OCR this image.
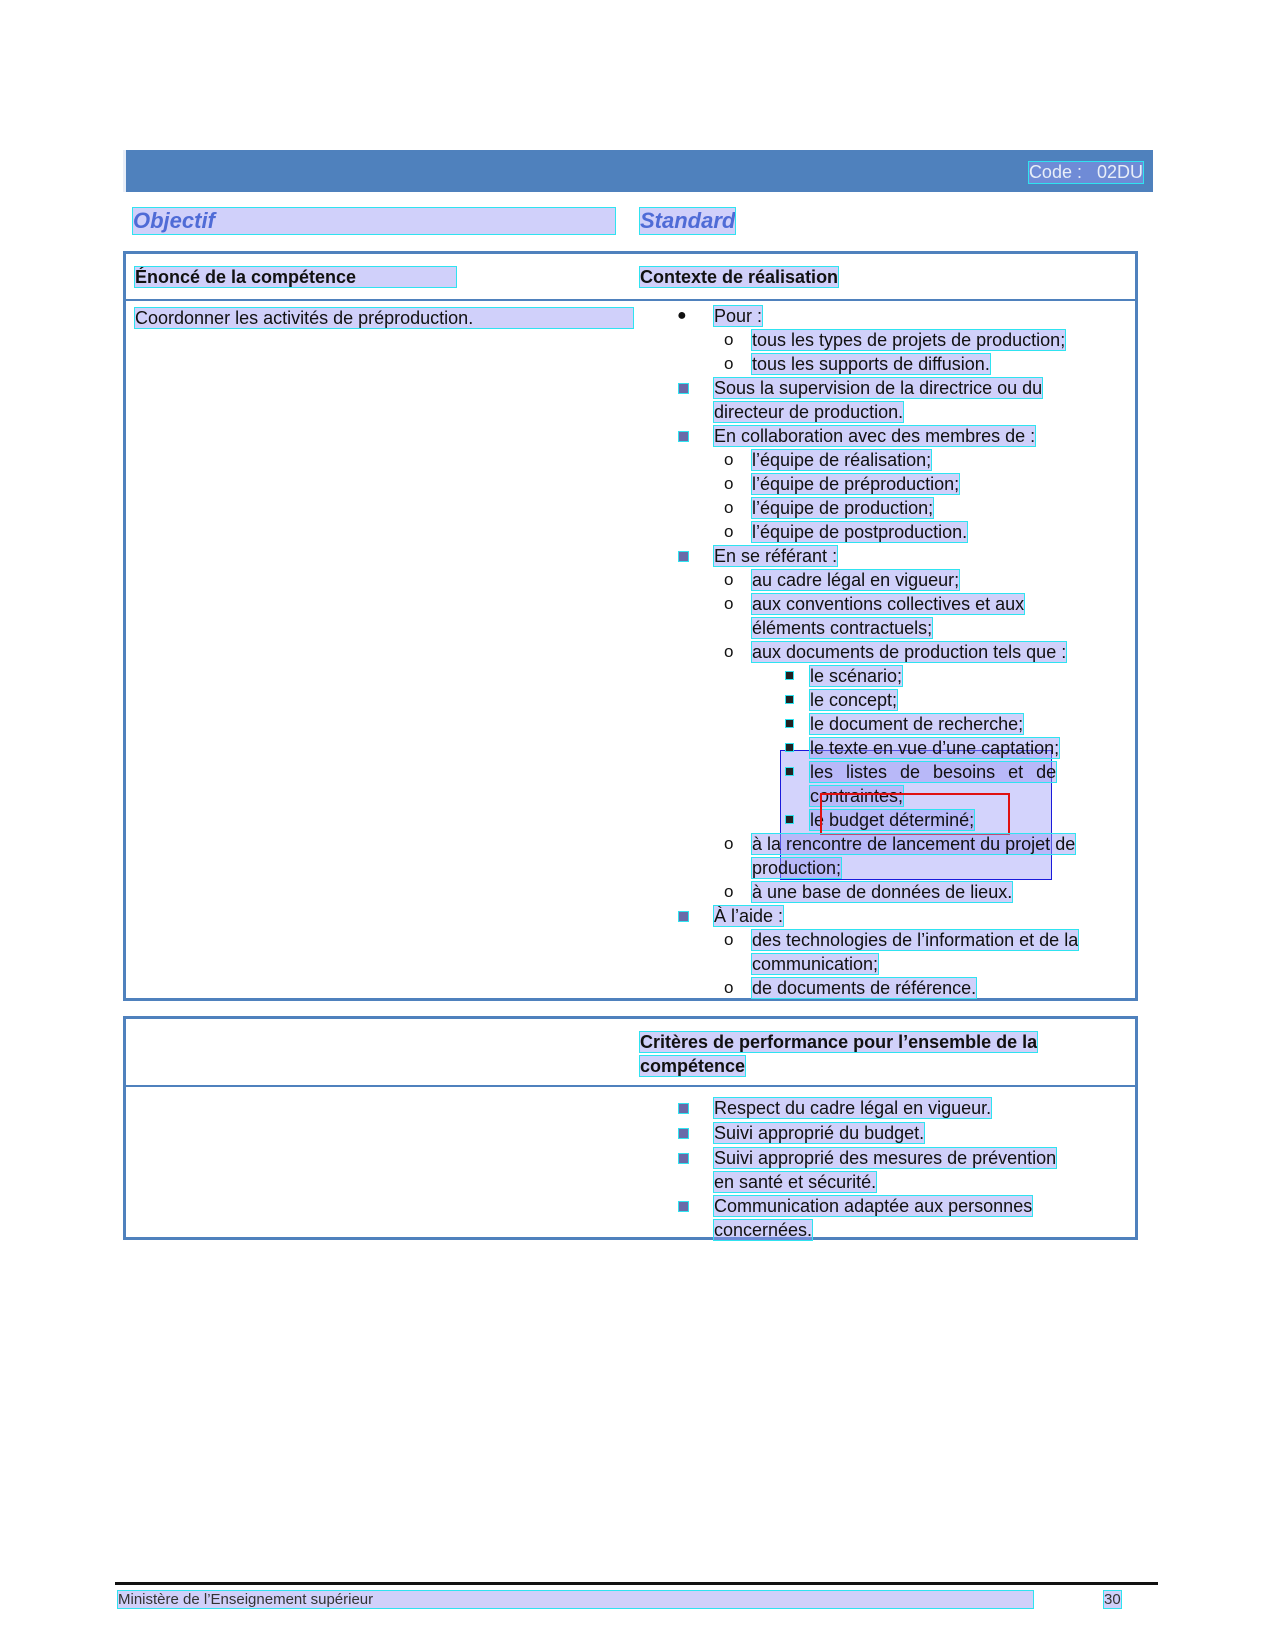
Code :   02DU
Objectif	Standard
Énoncé de la compétence	Contexte de réalisation
Coordonner les activités de préproduction.	● Pour :
o tous les types de projets de production;
o tous les supports de diffusion.
Sous la supervision de la directrice ou du
directeur de production.
En collaboration avec des membres de :
o l’équipe de réalisation;
o l’équipe de préproduction;
o l’équipe de production;
o l’équipe de postproduction.
En se référant :
o au cadre légal en vigueur;
o aux conventions collectives et aux
éléments contractuels;
o aux documents de production tels que :
le scénario;
le concept;
le document de recherche;
le texte en vue d’une captation;
les listes de besoins et de
contraintes;
le budget déterminé;
o à la rencontre de lancement du projet de
production;
o à une base de données de lieux.
À l’aide :
o des technologies de l’information et de la
communication;
o de documents de référence.
Critères de performance pour l’ensemble de la
compétence
Respect du cadre légal en vigueur.
Suivi approprié du budget.
Suivi approprié des mesures de prévention
en santé et sécurité.
Communication adaptée aux personnes
concernées.
Ministère de l’Enseignement supérieur	30
